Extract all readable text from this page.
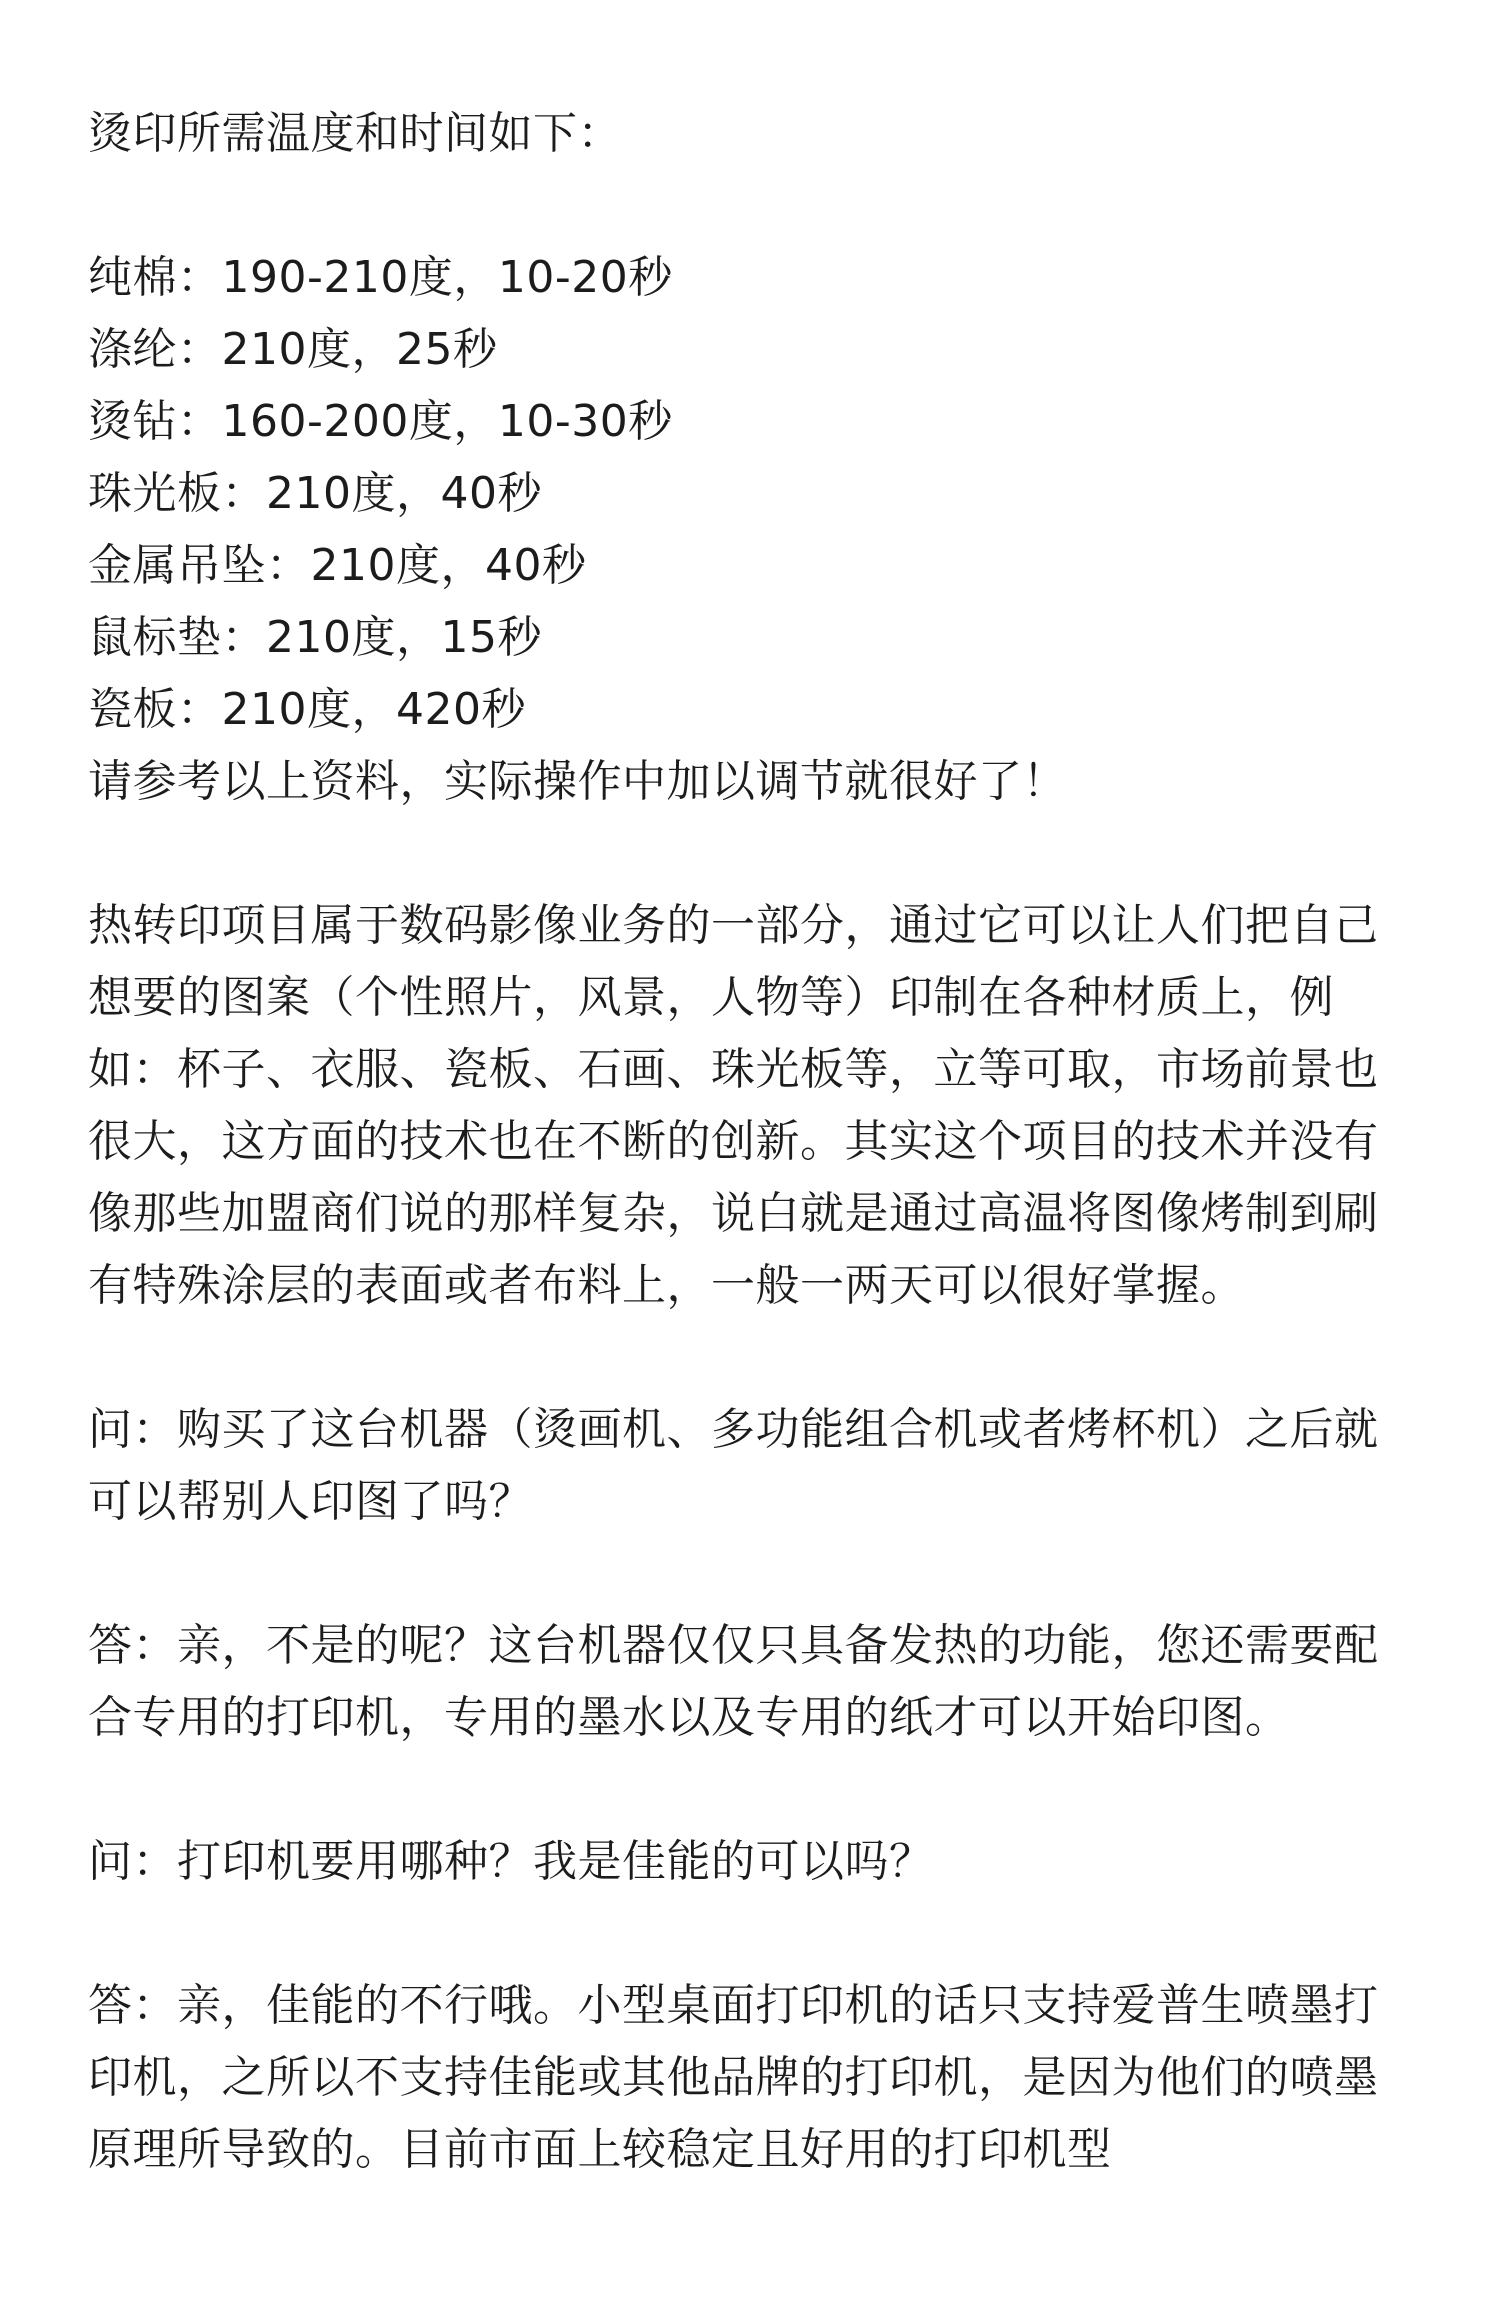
烫印所需温度和时间如下：

纯棉：190-210度，10-20秒
涤纶：210度，25秒
烫钻：160-200度，10-30秒
珠光板：210度，40秒
金属吊坠：210度，40秒
鼠标垫：210度，15秒
瓷板：210度，420秒

请参考以上资料，实际操作中加以调节就很好了！

热转印项目属于数码影像业务的一部分，通过它可以让人们把自己想要的图案（个性照片，风景，人物等）印制在各种材质上，例如：杯子、衣服、瓷板、石画、珠光板等，立等可取，市场前景也很大，这方面的技术也在不断的创新。其实这个项目的技术并没有像那些加盟商们说的那样复杂，说白就是通过高温将图像烤制到刷有特殊涂层的表面或者布料上，一般一两天可以很好掌握。

问：购买了这台机器（烫画机、多功能组合机或者烤杯机）之后就可以帮别人印图了吗？

答：亲，不是的呢？这台机器仅仅只具备发热的功能，您还需要配合专用的打印机，专用的墨水以及专用的纸才可以开始印图。

问：打印机要用哪种？我是佳能的可以吗？

答：亲，佳能的不行哦。小型桌面打印机的话只支持爱普生喷墨打印机，之所以不支持佳能或其他品牌的打印机，是因为他们的喷墨原理所导致的。目前市面上较稳定且好用的打印机型
